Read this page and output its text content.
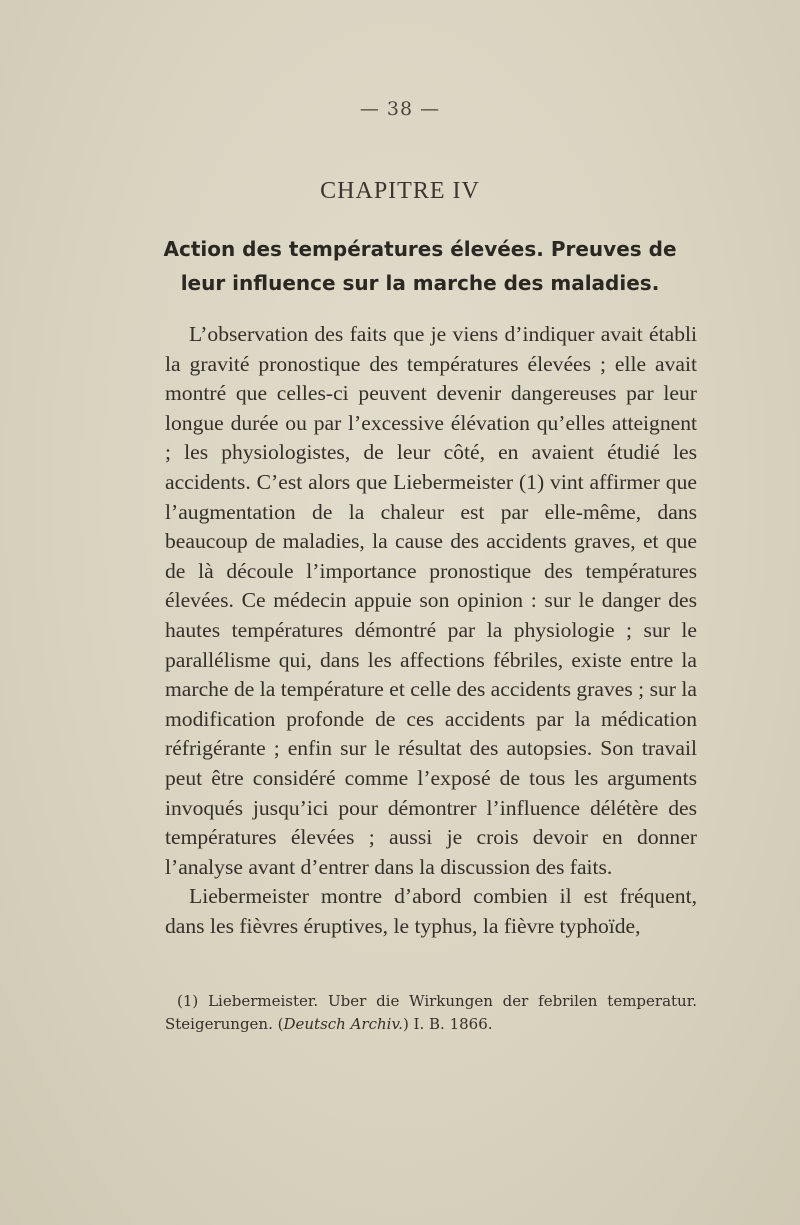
— 38 —
CHAPITRE IV
Action des températures élevées. Preuves de leur influence sur la marche des maladies.

L’observation des faits que je viens d’indiquer avait établi la gravité pronostique des températures élevées ; elle avait montré que celles-ci peuvent devenir dangereuses par leur longue durée ou par l’excessive élévation qu’elles atteignent ; les physiologistes, de leur côté, en avaient étudié les accidents. C’est alors que Liebermeister (1) vint affirmer que l’augmentation de la chaleur est par elle-même, dans beaucoup de maladies, la cause des accidents graves, et que de là découle l’importance pronostique des températures élevées. Ce médecin appuie son opinion : sur le danger des hautes températures démontré par la physiologie ; sur le parallélisme qui, dans les affections fébriles, existe entre la marche de la température et celle des accidents graves ; sur la modification profonde de ces accidents par la médication réfrigérante ; enfin sur le résultat des autopsies. Son travail peut être considéré comme l’exposé de tous les arguments invoqués jusqu’ici pour démontrer l’influence délétère des températures élevées ; aussi je crois devoir en donner l’analyse avant d’entrer dans la discussion des faits.

Liebermeister montre d’abord combien il est fréquent, dans les fièvres éruptives, le typhus, la fièvre typhoïde,

(1) Liebermeister. Uber die Wirkungen der febrilen temperatur. Steigerungen. (Deutsch Archiv.) I. B. 1866.
